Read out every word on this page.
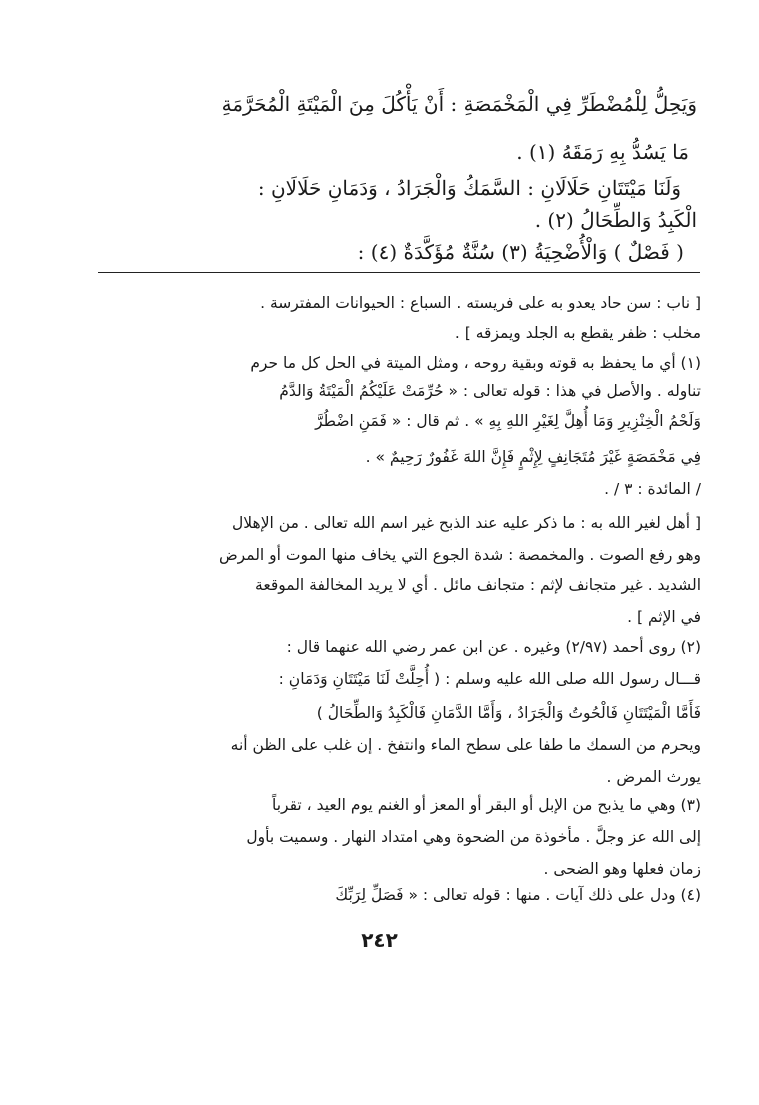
وَيَحِلُّ لِلْمُضْطَرِّ فِي الْمَخْمَصَةِ : أَنْ يَأْكُلَ مِنَ الْمَيْتَةِ الْمُحَرَّمَةِ
مَا يَسُدُّ بِهِ رَمَقَهُ (١) .
وَلَنَا مَيْتَتَانِ حَلَالَانِ : السَّمَكُ وَالْجَرَادُ ، وَدَمَانِ حَلَالَانِ :
الْكَبِدُ وَالطِّحَالُ (٢) .
( فَصْلٌ ) وَالْأُضْحِيَةُ (٣) سُنَّةٌ مُؤَكَّدَةٌ (٤) :
[ ناب : سن حاد يعدو به على فريسته . السباع : الحيوانات المفترسة .
مخلب : ظفر يقطع به الجلد ويمزقه ] .
(١) أي ما يحفظ به قوته وبقية روحه ، ومثل الميتة في الحل كل ما حرم
تناوله . والأصل في هذا : قوله تعالى : « حُرِّمَتْ عَلَيْكُمُ الْمَيْتَةُ وَالدَّمُ
وَلَحْمُ الْخِنْزِيرِ وَمَا أُهِلَّ لِغَيْرِ اللهِ بِهِ » . ثم قال : « فَمَنِ اضْطُرَّ
فِي مَخْمَصَةٍ غَيْرَ مُتَجَانِفٍ لِإِثْمٍ فَإِنَّ اللهَ غَفُورٌ رَحِيمٌ » .
/ المائدة : ٣ / .
[ أهل لغير الله به : ما ذكر عليه عند الذبح غير اسم الله تعالى . من الإهلال
وهو رفع الصوت . والمخمصة : شدة الجوع التي يخاف منها الموت أو المرض
الشديد . غير متجانف لإثم : متجانف مائل . أي لا يريد المخالفة الموقعة
في الإثم ] .
(٢) روى أحمد (٢/٩٧) وغيره . عن ابن عمر رضي الله عنهما قال :
قـــال رسول الله صلى الله عليه وسلم : ( أُحِلَّتْ لَنَا مَيْتَتَانِ وَدَمَانِ :
فَأَمَّا الْمَيْتَتَانِ فَالْحُوتُ وَالْجَرَادُ ، وَأَمَّا الدَّمَانِ فَالْكَبِدُ وَالطِّحَالُ )
ويحرم من السمك ما طفا على سطح الماء وانتفخ . إن غلب على الظن أنه
يورث المرض .
(٣) وهي ما يذبح من الإبل أو البقر أو المعز أو الغنم يوم العيد ، تقرباً
إلى الله عز وجلَّ . مأخوذة من الضحوة وهي امتداد النهار . وسميت بأول
زمان فعلها وهو الضحى .
(٤) ودل على ذلك آيات . منها : قوله تعالى : « فَصَلِّ لِرَبِّكَ
٢٤٢
